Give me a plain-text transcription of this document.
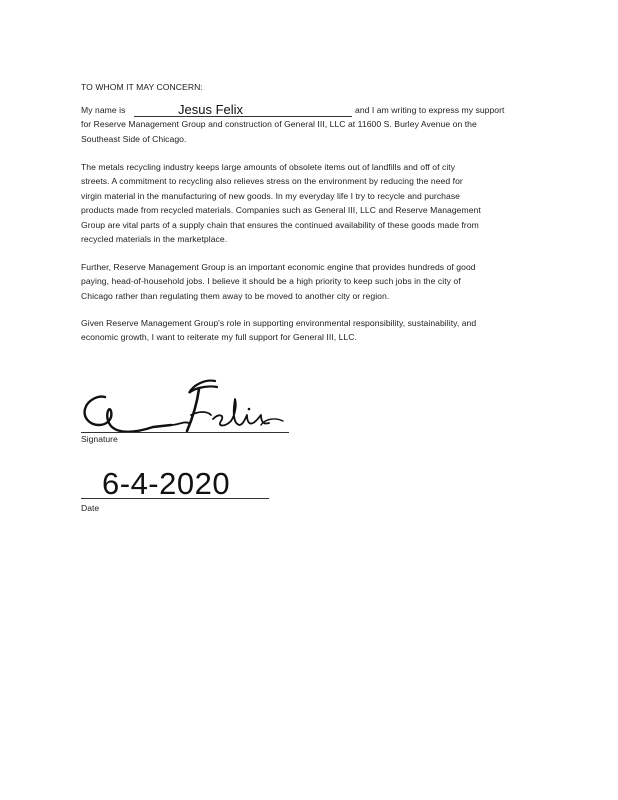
TO WHOM IT MAY CONCERN:
My name is	and I am writing to express my support
for Reserve Management Group and construction of General III, LLC at 11600 S. Burley Avenue on the
Southeast Side of Chicago.
Jesus Felix
The metals recycling industry keeps large amounts of obsolete items out of landfills and off of city
streets. A commitment to recycling also relieves stress on the environment by reducing the need for
virgin material in the manufacturing of new goods. In my everyday life I try to recycle and purchase
products made from recycled materials. Companies such as General III, LLC and Reserve Management
Group are vital parts of a supply chain that ensures the continued availability of these goods made from
recycled materials in the marketplace.
Further, Reserve Management Group is an important economic engine that provides hundreds of good
paying, head-of-household jobs. I believe it should be a high priority to keep such jobs in the city of
Chicago rather than regulating them away to be moved to another city or region.
Given Reserve Management Group's role in supporting environmental responsibility, sustainability, and
economic growth, I want to reiterate my full support for General III, LLC.
Signature
6-4-2020
Date
